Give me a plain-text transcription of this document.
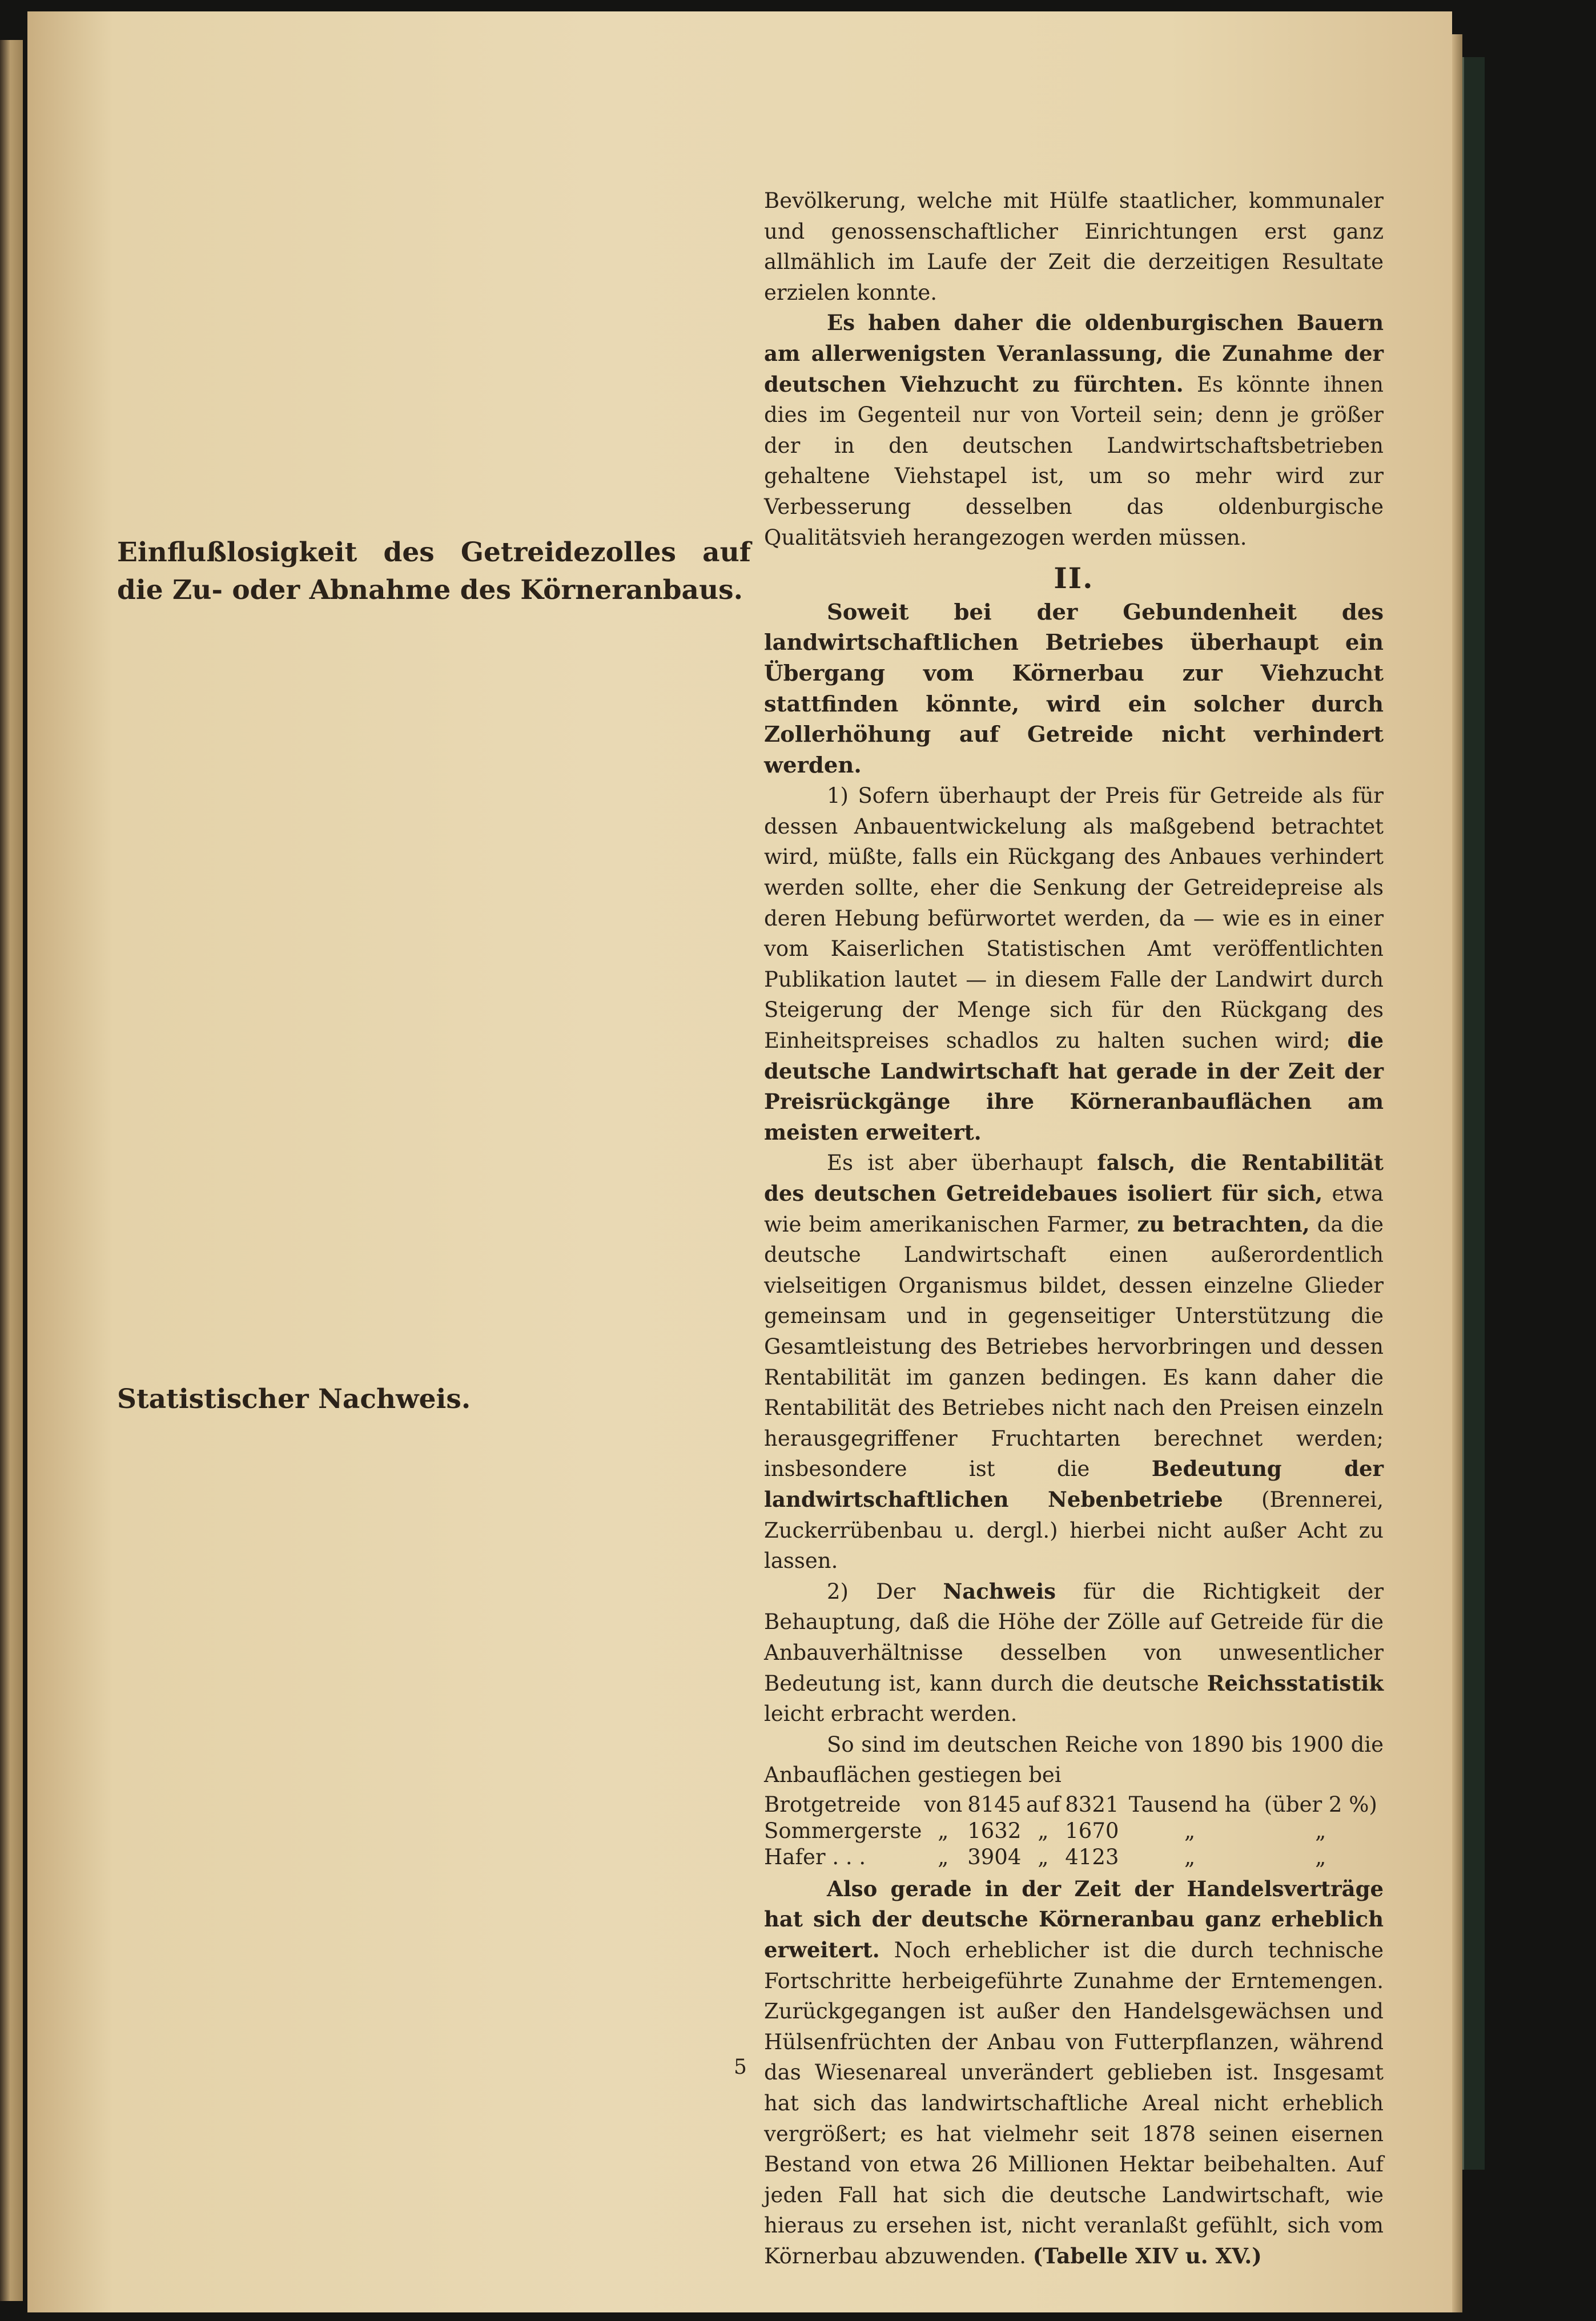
Einflußlosigkeit des Getreidezolles auf die Zu- oder Abnahme des Körneranbaus.
Statistischer Nachweis.

Bevölkerung, welche mit Hülfe staatlicher, kommunaler und genossenschaftlicher Einrichtungen erst ganz allmählich im Laufe der Zeit die derzeitigen Resultate erzielen konnte.

Es haben daher die oldenburgischen Bauern am allerwenigsten Veranlassung, die Zunahme der deutschen Viehzucht zu fürchten. Es könnte ihnen dies im Gegenteil nur von Vorteil sein; denn je größer der in den deutschen Landwirtschaftsbetrieben gehaltene Viehstapel ist, um so mehr wird zur Verbesserung desselben das oldenburgische Qualitätsvieh herangezogen werden müssen.

II.

Soweit bei der Gebundenheit des landwirtschaftlichen Betriebes überhaupt ein Übergang vom Körnerbau zur Viehzucht stattfinden könnte, wird ein solcher durch Zollerhöhung auf Getreide nicht verhindert werden.

1) Sofern überhaupt der Preis für Getreide als für dessen Anbauentwickelung als maßgebend betrachtet wird, müßte, falls ein Rückgang des Anbaues verhindert werden sollte, eher die Senkung der Getreidepreise als deren Hebung befürwortet werden, da — wie es in einer vom Kaiserlichen Statistischen Amt veröffentlichten Publikation lautet — in diesem Falle der Landwirt durch Steigerung der Menge sich für den Rückgang des Einheitspreises schadlos zu halten suchen wird; die deutsche Landwirtschaft hat gerade in der Zeit der Preisrückgänge ihre Körneranbauflächen am meisten erweitert.

Es ist aber überhaupt falsch, die Rentabilität des deutschen Getreidebaues isoliert für sich, etwa wie beim amerikanischen Farmer, zu betrachten, da die deutsche Landwirtschaft einen außerordentlich vielseitigen Organismus bildet, dessen einzelne Glieder gemeinsam und in gegenseitiger Unterstützung die Gesamtleistung des Betriebes hervorbringen und dessen Rentabilität im ganzen bedingen. Es kann daher die Rentabilität des Betriebes nicht nach den Preisen einzeln herausgegriffener Fruchtarten berechnet werden; insbesondere ist die Bedeutung der landwirtschaftlichen Nebenbetriebe (Brennerei, Zuckerrübenbau u. dergl.) hierbei nicht außer Acht zu lassen.

2) Der Nachweis für die Richtigkeit der Behauptung, daß die Höhe der Zölle auf Getreide für die Anbauverhältnisse desselben von unwesentlicher Bedeutung ist, kann durch die deutsche Reichsstatistik leicht erbracht werden.

So sind im deutschen Reiche von 1890 bis 1900 die Anbauflächen gestiegen bei

Brotgetreide	von	8145	auf	8321	Tausend ha	(über 2 %)
Sommergerste	„	1632	„	1670	„	„
Hafer . . .	„	3904	„	4123	„	„

Also gerade in der Zeit der Handelsverträge hat sich der deutsche Körneranbau ganz erheblich erweitert. Noch erheblicher ist die durch technische Fortschritte herbeigeführte Zunahme der Erntemengen. Zurückgegangen ist außer den Handelsgewächsen und Hülsenfrüchten der Anbau von Futterpflanzen, während das Wiesenareal unverändert geblieben ist. Insgesamt hat sich das landwirtschaftliche Areal nicht erheblich vergrößert; es hat vielmehr seit 1878 seinen eisernen Bestand von etwa 26 Millionen Hektar beibehalten. Auf jeden Fall hat sich die deutsche Landwirtschaft, wie hieraus zu ersehen ist, nicht veranlaßt gefühlt, sich vom Körnerbau abzuwenden. (Tabelle XIV u. XV.)

5
